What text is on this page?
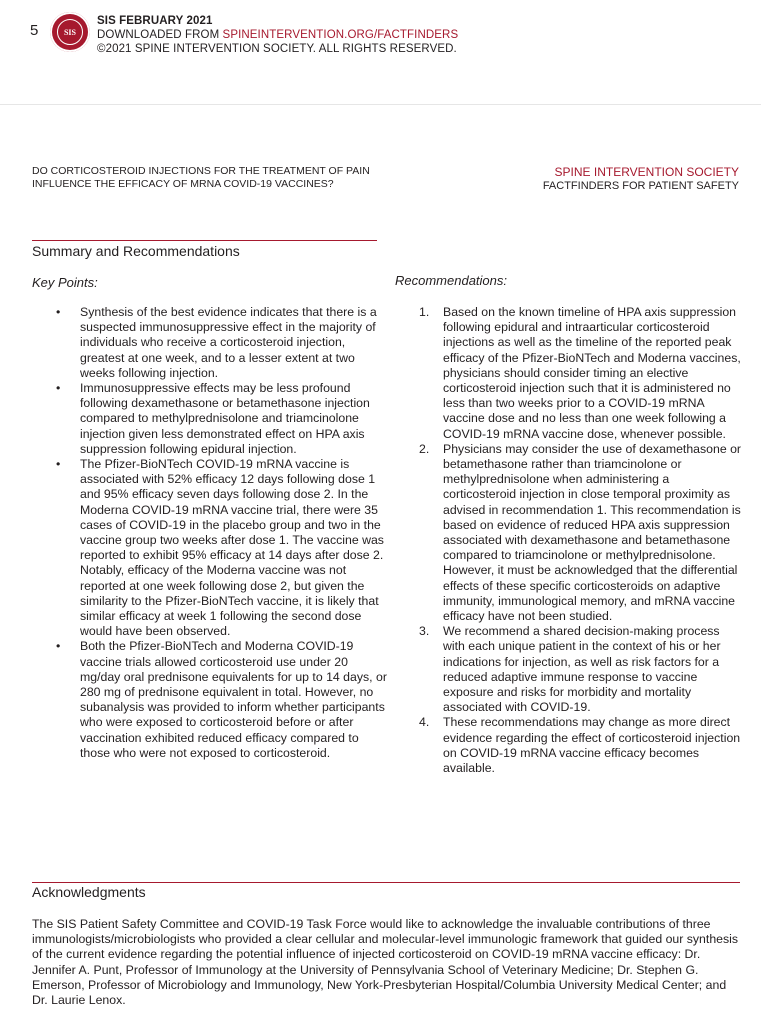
5	SIS
SIS FEBRUARY 2021
DOWNLOADED FROM SPINEINTERVENTION.ORG/FACTFINDERS
©2021 SPINE INTERVENTION SOCIETY. ALL RIGHTS RESERVED.
DO CORTICOSTEROID INJECTIONS FOR THE TREATMENT OF PAIN INFLUENCE THE EFFICACY OF MRNA COVID-19 VACCINES?
SPINE INTERVENTION SOCIETY
FACTFINDERS FOR PATIENT SAFETY
Summary and Recommendations
Key Points:	Recommendations:
• Synthesis of the best evidence indicates that there is a suspected immunosuppressive effect in the majority of individuals who receive a corticosteroid injection, greatest at one week, and to a lesser extent at two weeks following injection.
• Immunosuppressive effects may be less profound following dexamethasone or betamethasone injection compared to methylprednisolone and triamcinolone injection given less demonstrated effect on HPA axis suppression following epidural injection.
• The Pfizer-BioNTech COVID-19 mRNA vaccine is associated with 52% efficacy 12 days following dose 1 and 95% efficacy seven days following dose 2. In the Moderna COVID-19 mRNA vaccine trial, there were 35 cases of COVID-19 in the placebo group and two in the vaccine group two weeks after dose 1. The vaccine was reported to exhibit 95% efficacy at 14 days after dose 2. Notably, efficacy of the Moderna vaccine was not reported at one week following dose 2, but given the similarity to the Pfizer-BioNTech vaccine, it is likely that similar efficacy at week 1 following the second dose would have been observed.
• Both the Pfizer-BioNTech and Moderna COVID-19 vaccine trials allowed corticosteroid use under 20 mg/day oral prednisone equivalents for up to 14 days, or 280 mg of prednisone equivalent in total. However, no subanalysis was provided to inform whether participants who were exposed to corticosteroid before or after vaccination exhibited reduced efficacy compared to those who were not exposed to corticosteroid.
1. Based on the known timeline of HPA axis suppression following epidural and intraarticular corticosteroid injections as well as the timeline of the reported peak efficacy of the Pfizer-BioNTech and Moderna vaccines, physicians should consider timing an elective corticosteroid injection such that it is administered no less than two weeks prior to a COVID-19 mRNA vaccine dose and no less than one week following a COVID-19 mRNA vaccine dose, whenever possible.
2. Physicians may consider the use of dexamethasone or betamethasone rather than triamcinolone or methylprednisolone when administering a corticosteroid injection in close temporal proximity as advised in recommendation 1. This recommendation is based on evidence of reduced HPA axis suppression associated with dexamethasone and betamethasone compared to triamcinolone or methylprednisolone. However, it must be acknowledged that the differential effects of these specific corticosteroids on adaptive immunity, immunological memory, and mRNA vaccine efficacy have not been studied.
3. We recommend a shared decision-making process with each unique patient in the context of his or her indications for injection, as well as risk factors for a reduced adaptive immune response to vaccine exposure and risks for morbidity and mortality associated with COVID-19.
4. These recommendations may change as more direct evidence regarding the effect of corticosteroid injection on COVID-19 mRNA vaccine efficacy becomes available.
Acknowledgments
The SIS Patient Safety Committee and COVID-19 Task Force would like to acknowledge the invaluable contributions of three immunologists/microbiologists who provided a clear cellular and molecular-level immunologic framework that guided our synthesis of the current evidence regarding the potential influence of injected corticosteroid on COVID-19 mRNA vaccine efficacy: Dr. Jennifer A. Punt, Professor of Immunology at the University of Pennsylvania School of Veterinary Medicine; Dr. Stephen G. Emerson, Professor of Microbiology and Immunology, New York-Presbyterian Hospital/Columbia University Medical Center; and Dr. Laurie Lenox.
